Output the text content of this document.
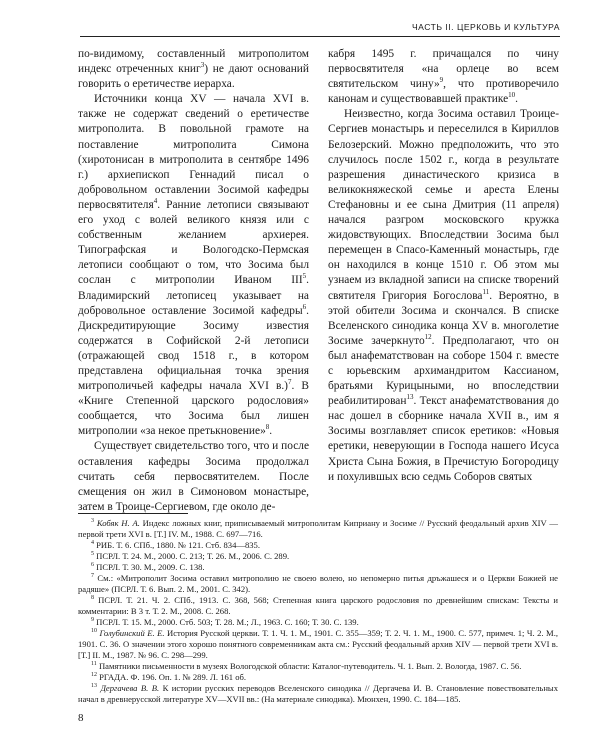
ЧАСТЬ II. ЦЕРКОВЬ И КУЛЬТУРА

по-видимому, составленный митрополитом индекс отреченных книг$^3$) не дают оснований говорить о еретичестве иерарха.

Источники конца XV — начала XVI в. также не содержат сведений о еретичестве митрополита. В повольной грамоте на поставление митрополита Симона (хиротонисан в митрополита в сентябре 1496 г.) архиепископ Геннадий писал о добровольном оставлении Зосимой кафедры первосвятителя$^4$. Ранние летописи связывают его уход с волей великого князя или с собственным желанием архиерея. Типографская и Вологодско-Пермская летописи сообщают о том, что Зосима был сослан с митрополии Иваном III$^5$. Владимирский летописец указывает на добровольное оставление Зосимой кафедры$^6$. Дискредитирующие Зосиму известия содержатся в Софийской 2-й летописи (отражающей свод 1518 г., в котором представлена официальная точка зрения митрополичьей кафедры начала XVI в.)$^7$. В «Книге Степенной царского родословия» сообщается, что Зосима был лишен митрополии «за некое претькновение»$^8$.

Существует свидетельство того, что и после оставления кафедры Зосима продолжал считать себя первосвятителем. После смещения он жил в Симоновом монастыре, затем в Троице-Сергиевом, где около де-

кабря 1495 г. причащался по чину первосвятителя «на орлеце во всем святительском чину»$^9$, что противоречило канонам и существовавшей практике$^{10}$.

Неизвестно, когда Зосима оставил Троице-Сергиев монастырь и переселился в Кириллов Белозерский. Можно предположить, что это случилось после 1502 г., когда в результате разрешения династического кризиса в великокняжеской семье и ареста Елены Стефановны и ее сына Дмитрия (11 апреля) начался разгром московского кружка жидовствующих. Впоследствии Зосима был перемещен в Спасо-Каменный монастырь, где он находился в конце 1510 г. Об этом мы узнаем из вкладной записи на списке творений святителя Григория Богослова$^{11}$. Вероятно, в этой обители Зосима и скончался. В списке Вселенского синодика конца XV в. многолетие Зосиме зачеркнуто$^{12}$. Предполагают, что он был анафематствован на соборе 1504 г. вместе с юрьевским архимандритом Кассианом, братьями Курицыными, но впоследствии реабилитирован$^{13}$. Текст анафематствования до нас дошел в сборнике начала XVII в., им я Зосимы возглавляет список еретиков: «Новыя еретики, неверующии в Господа нашего Исуса Христа Сына Божия, в Пречистую Богородицу и похулившых всю седмь Соборов святых

$^3$ Кобяк Н. А. Индекс ложных книг, приписываемый митрополитам Киприану и Зосиме // Русский феодальный архив XIV — первой трети XVI в. [Т.] IV. М., 1988. С. 697—716.

$^4$ РИБ. Т. 6. СПб., 1880. № 121. Стб. 834—835.

$^5$ ПСРЛ. Т. 24. М., 2000. С. 213; Т. 26. М., 2006. С. 289.

$^6$ ПСРЛ. Т. 30. М., 2009. С. 138.

$^7$ См.: «Митрополит Зосима оставил митрополию не своею волею, но непомерно питья дръжашеся и о Церкви Божией не радяше» (ПСРЛ. Т. 6. Вып. 2. М., 2001. С. 342).

$^8$ ПСРЛ. Т. 21. Ч. 2. СПб., 1913. С. 368, 568; Степенная книга царского родословия по древнейшим спискам: Тексты и комментарии: В 3 т. Т. 2. М., 2008. С. 268.

$^9$ ПСРЛ. Т. 15. М., 2000. Стб. 503; Т. 28. М.; Л., 1963. С. 160; Т. 30. С. 139.

$^{10}$ Голубинский Е. Е. История Русской церкви. Т. 1. Ч. 1. М., 1901. С. 355—359; Т. 2. Ч. 1. М., 1900. С. 577, примеч. 1; Ч. 2. М., 1901. С. 36. О значении этого хорошо понятного современникам акта см.: Русский феодальный архив XIV — первой трети XVI в. [Т.] II. М., 1987. № 96. С. 298—299.

$^{11}$ Памятники письменности в музеях Вологодской области: Каталог-путеводитель. Ч. 1. Вып. 2. Вологда, 1987. С. 56.

$^{12}$ РГАДА. Ф. 196. Оп. 1. № 289. Л. 161 об.

$^{13}$ Дергачева В. В. К истории русских переводов Вселенского синодика // Дергачева И. В. Становление повествовательных начал в древнерусской литературе XV—XVII вв.: (На материале синодика). Мюнхен, 1990. С. 184—185.

8
